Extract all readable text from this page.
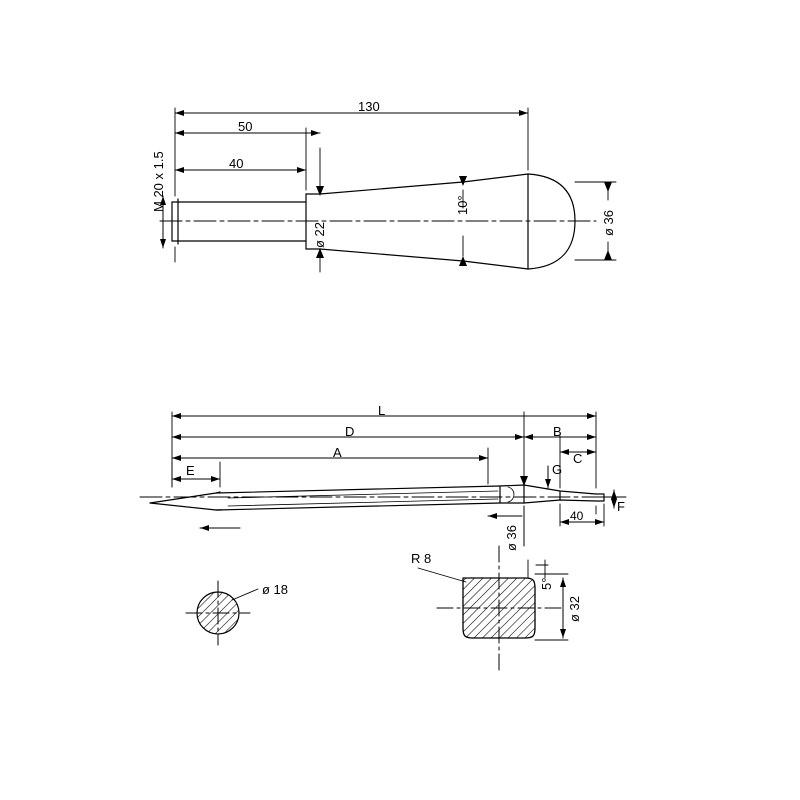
M 20 x 1.5	40
50
130
ø 22
10°
ø 36
L
D	B
A	C
E	G
F
40
ø 36
ø 18
R 8
5°
ø 32
